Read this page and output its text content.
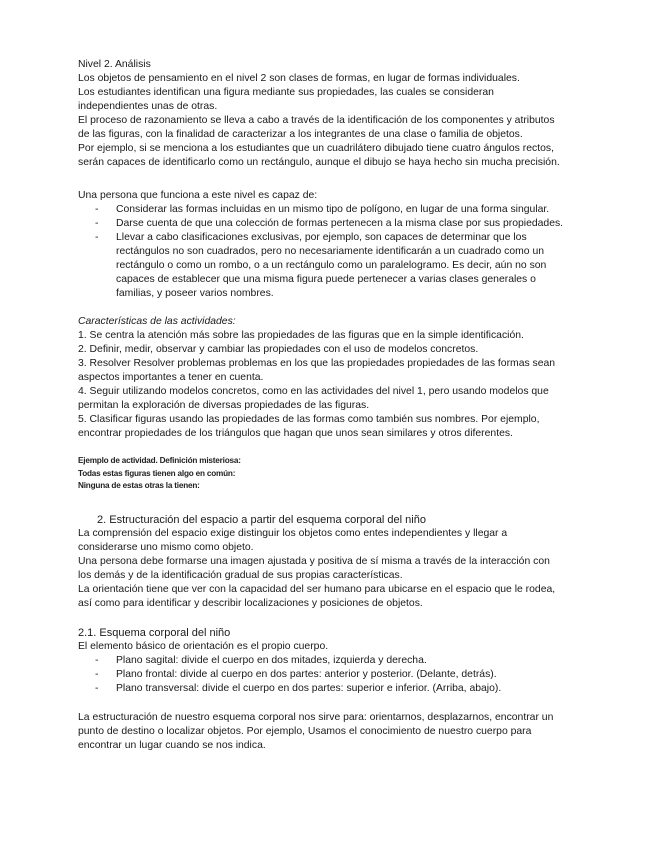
Nivel 2. Análisis

Los objetos de pensamiento en el nivel 2 son clases de formas, en lugar de formas individuales.

Los estudiantes identifican una figura mediante sus propiedades, las cuales se consideran

independientes unas de otras.

El proceso de razonamiento se lleva a cabo a través de la identificación de los componentes y atributos

de las figuras, con la finalidad de caracterizar a los integrantes de una clase o familia de objetos.

Por ejemplo, si se menciona a los estudiantes que un cuadrilátero dibujado tiene cuatro ángulos rectos,

serán capaces de identificarlo como un rectángulo, aunque el dibujo se haya hecho sin mucha precisión.

Una persona que funciona a este nivel es capaz de:

- Considerar las formas incluidas en un mismo tipo de polígono, en lugar de una forma singular.
- Darse cuenta de que una colección de formas pertenecen a la misma clase por sus propiedades.
- Llevar a cabo clasificaciones exclusivas, por ejemplo, son capaces de determinar que los
rectángulos no son cuadrados, pero no necesariamente identificarán a un cuadrado como un
rectángulo o como un rombo, o a un rectángulo como un paralelogramo. Es decir, aún no son
capaces de establecer que una misma figura puede pertenecer a varias clases generales o
familias, y poseer varios nombres.

Características de las actividades:

1. Se centra la atención más sobre las propiedades de las figuras que en la simple identificación.

2. Definir, medir, observar y cambiar las propiedades con el uso de modelos concretos.

3. Resolver Resolver problemas problemas en los que las propiedades propiedades de las formas sean

aspectos importantes a tener en cuenta.

4. Seguir utilizando modelos concretos, como en las actividades del nivel 1, pero usando modelos que

permitan la exploración de diversas propiedades de las figuras.

5. Clasificar figuras usando las propiedades de las formas como también sus nombres. Por ejemplo,

encontrar propiedades de los triángulos que hagan que unos sean similares y otros diferentes.

Ejemplo de actividad. Definición misteriosa:

Todas estas figuras tienen algo en común:

Ninguna de estas otras la tienen:

2. Estructuración del espacio a partir del esquema corporal del niño

La comprensión del espacio exige distinguir los objetos como entes independientes y llegar a

considerarse uno mismo como objeto.

Una persona debe formarse una imagen ajustada y positiva de sí misma a través de la interacción con

los demás y de la identificación gradual de sus propias características.

La orientación tiene que ver con la capacidad del ser humano para ubicarse en el espacio que le rodea,

así como para identificar y describir localizaciones y posiciones de objetos.

2.1. Esquema corporal del niño

El elemento básico de orientación es el propio cuerpo.

- Plano sagital: divide el cuerpo en dos mitades, izquierda y derecha.
- Plano frontal: divide al cuerpo en dos partes: anterior y posterior. (Delante, detrás).
- Plano transversal: divide el cuerpo en dos partes: superior e inferior. (Arriba, abajo).

La estructuración de nuestro esquema corporal nos sirve para: orientarnos, desplazarnos, encontrar un

punto de destino o localizar objetos. Por ejemplo, Usamos el conocimiento de nuestro cuerpo para

encontrar un lugar cuando se nos indica.
